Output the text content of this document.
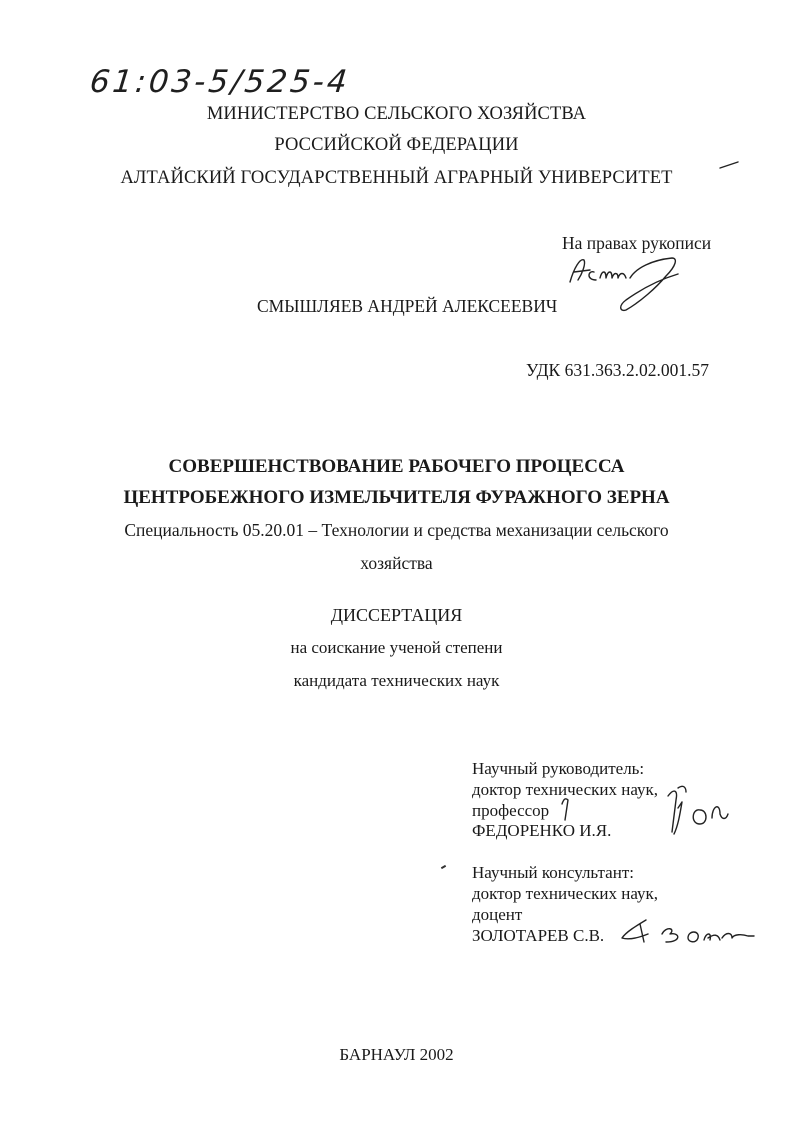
61:03-5/525-4
МИНИСТЕРСТВО СЕЛЬСКОГО ХОЗЯЙСТВА
РОССИЙСКОЙ ФЕДЕРАЦИИ
АЛТАЙСКИЙ ГОСУДАРСТВЕННЫЙ АГРАРНЫЙ УНИВЕРСИТЕТ
На правах рукописи
СМЫШЛЯЕВ АНДРЕЙ АЛЕКСЕЕВИЧ
УДК 631.363.2.02.001.57
СОВЕРШЕНСТВОВАНИЕ РАБОЧЕГО ПРОЦЕССА
ЦЕНТРОБЕЖНОГО ИЗМЕЛЬЧИТЕЛЯ ФУРАЖНОГО ЗЕРНА
Специальность 05.20.01 – Технологии и средства механизации сельского
хозяйства
ДИССЕРТАЦИЯ
на соискание ученой степени
кандидата технических наук
Научный руководитель:
доктор технических наук,
профессор
ФЕДОРЕНКО И.Я.
Научный консультант:
доктор технических наук,
доцент
ЗОЛОТАРЕВ С.В.
БАРНАУЛ 2002
